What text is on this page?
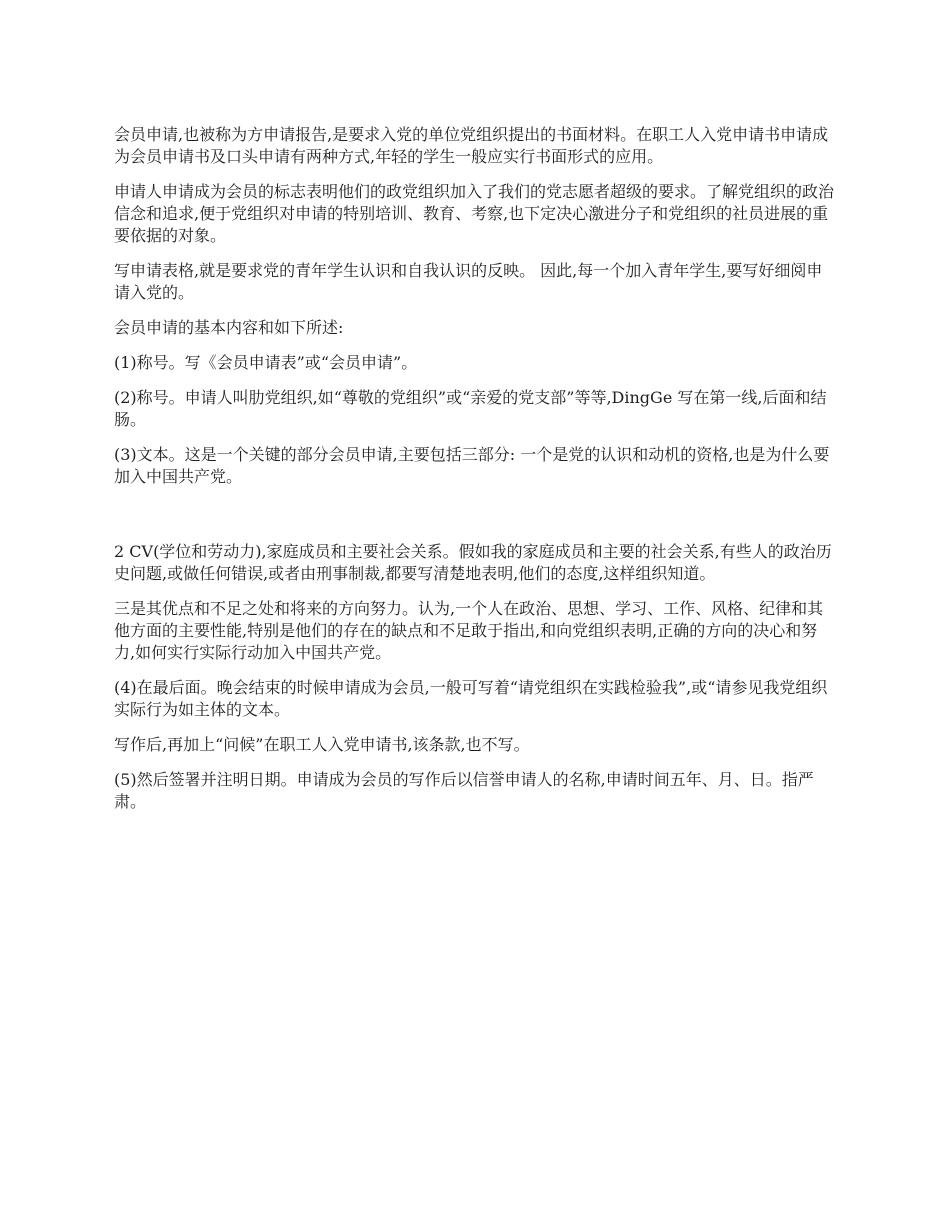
会员申请,也被称为方申请报告,是要求入党的单位党组织提出的书面材料。在职工人入党申请书申请成为会员申请书及口头申请有两种方式,年轻的学生一般应实行书面形式的应用。

申请人申请成为会员的标志表明他们的政党组织加入了我们的党志愿者超级的要求。了解党组织的政治信念和追求,便于党组织对申请的特别培训、教育、考察,也下定决心激进分子和党组织的社员进展的重要依据的对象。

写申请表格,就是要求党的青年学生认识和自我认识的反映。 因此,每一个加入青年学生,要写好细阅申请入党的。

会员申请的基本内容和如下所述:

(1)称号。写《会员申请表”或“会员申请”。

(2)称号。申请人叫肋党组织,如“尊敬的党组织”或“亲爱的党支部”等等,DingGe 写在第一线,后面和结肠。

(3)文本。这是一个关键的部分会员申请,主要包括三部分: 一个是党的认识和动机的资格,也是为什么要加入中国共产党。

2 CV(学位和劳动力),家庭成员和主要社会关系。假如我的家庭成员和主要的社会关系,有些人的政治历史问题,或做任何错误,或者由刑事制裁,都要写清楚地表明,他们的态度,这样组织知道。

三是其优点和不足之处和将来的方向努力。认为,一个人在政治、思想、学习、工作、风格、纪律和其他方面的主要性能,特别是他们的存在的缺点和不足敢于指出,和向党组织表明,正确的方向的决心和努力,如何实行实际行动加入中国共产党。

(4)在最后面。晚会结束的时候申请成为会员,一般可写着“请党组织在实践检验我”,或“请参见我党组织实际行为如主体的文本。

写作后,再加上“问候”在职工人入党申请书,该条款,也不写。

(5)然后签署并注明日期。申请成为会员的写作后以信誉申请人的名称,申请时间五年、月、日。指严肃。
